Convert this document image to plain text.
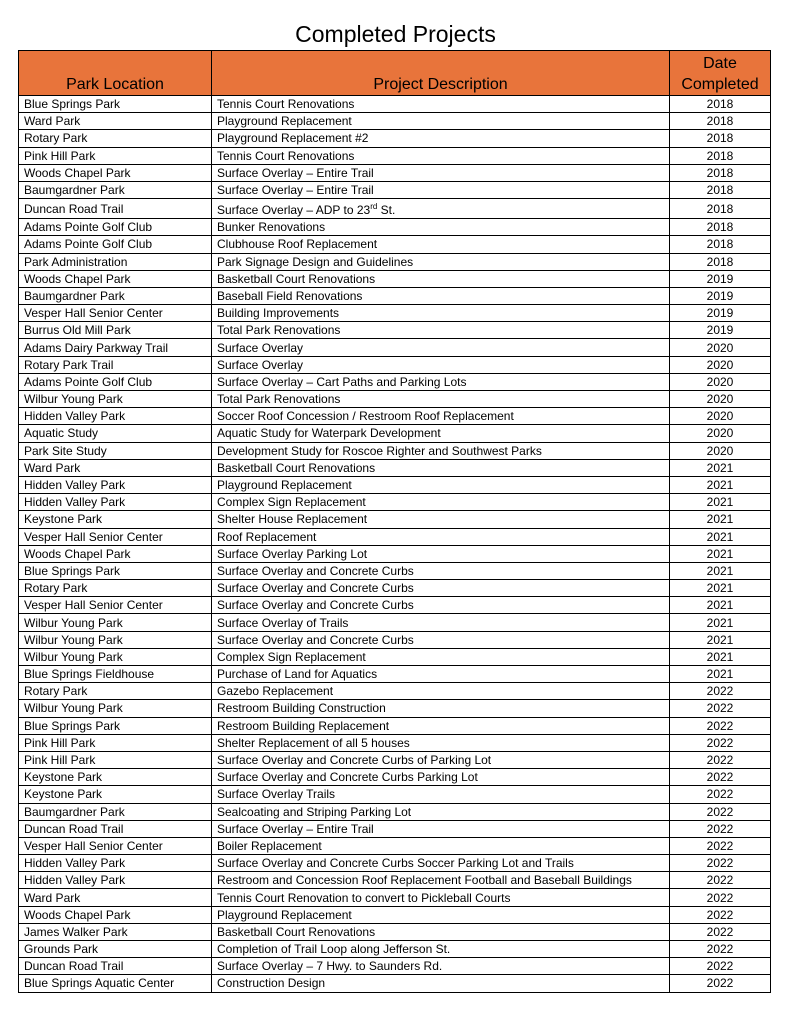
Completed Projects
Park Location	Project Description	Date
Completed
Blue Springs Park	Tennis Court Renovations	2018
Ward Park	Playground Replacement	2018
Rotary Park	Playground Replacement #2	2018
Pink Hill Park	Tennis Court Renovations	2018
Woods Chapel Park	Surface Overlay – Entire Trail	2018
Baumgardner Park	Surface Overlay – Entire Trail	2018
Duncan Road Trail	Surface Overlay – ADP to 23rd St.	2018
Adams Pointe Golf Club	Bunker Renovations	2018
Adams Pointe Golf Club	Clubhouse Roof Replacement	2018
Park Administration	Park Signage Design and Guidelines	2018
Woods Chapel Park	Basketball Court Renovations	2019
Baumgardner Park	Baseball Field Renovations	2019
Vesper Hall Senior Center	Building Improvements	2019
Burrus Old Mill Park	Total Park Renovations	2019
Adams Dairy Parkway Trail	Surface Overlay	2020
Rotary Park Trail	Surface Overlay	2020
Adams Pointe Golf Club	Surface Overlay – Cart Paths and Parking Lots	2020
Wilbur Young Park	Total Park Renovations	2020
Hidden Valley Park	Soccer Roof Concession / Restroom Roof Replacement	2020
Aquatic Study	Aquatic Study for Waterpark Development	2020
Park Site Study	Development Study for Roscoe Righter and Southwest Parks	2020
Ward Park	Basketball Court Renovations	2021
Hidden Valley Park	Playground Replacement	2021
Hidden Valley Park	Complex Sign Replacement	2021
Keystone Park	Shelter House Replacement	2021
Vesper Hall Senior Center	Roof Replacement	2021
Woods Chapel Park	Surface Overlay Parking Lot	2021
Blue Springs Park	Surface Overlay and Concrete Curbs	2021
Rotary Park	Surface Overlay and Concrete Curbs	2021
Vesper Hall Senior Center	Surface Overlay and Concrete Curbs	2021
Wilbur Young Park	Surface Overlay of Trails	2021
Wilbur Young Park	Surface Overlay and Concrete Curbs	2021
Wilbur Young Park	Complex Sign Replacement	2021
Blue Springs Fieldhouse	Purchase of Land for Aquatics	2021
Rotary Park	Gazebo Replacement	2022
Wilbur Young Park	Restroom Building Construction	2022
Blue Springs Park	Restroom Building Replacement	2022
Pink Hill Park	Shelter Replacement of all 5 houses	2022
Pink Hill Park	Surface Overlay and Concrete Curbs of Parking Lot	2022
Keystone Park	Surface Overlay and Concrete Curbs Parking Lot	2022
Keystone Park	Surface Overlay Trails	2022
Baumgardner Park	Sealcoating and Striping Parking Lot	2022
Duncan Road Trail	Surface Overlay – Entire Trail	2022
Vesper Hall Senior Center	Boiler Replacement	2022
Hidden Valley Park	Surface Overlay and Concrete Curbs Soccer Parking Lot and Trails	2022
Hidden Valley Park	Restroom and Concession Roof Replacement Football and Baseball Buildings	2022
Ward Park	Tennis Court Renovation to convert to Pickleball Courts	2022
Woods Chapel Park	Playground Replacement	2022
James Walker Park	Basketball Court Renovations	2022
Grounds Park	Completion of Trail Loop along Jefferson St.	2022
Duncan Road Trail	Surface Overlay – 7 Hwy. to Saunders Rd.	2022
Blue Springs Aquatic Center	Construction Design	2022
